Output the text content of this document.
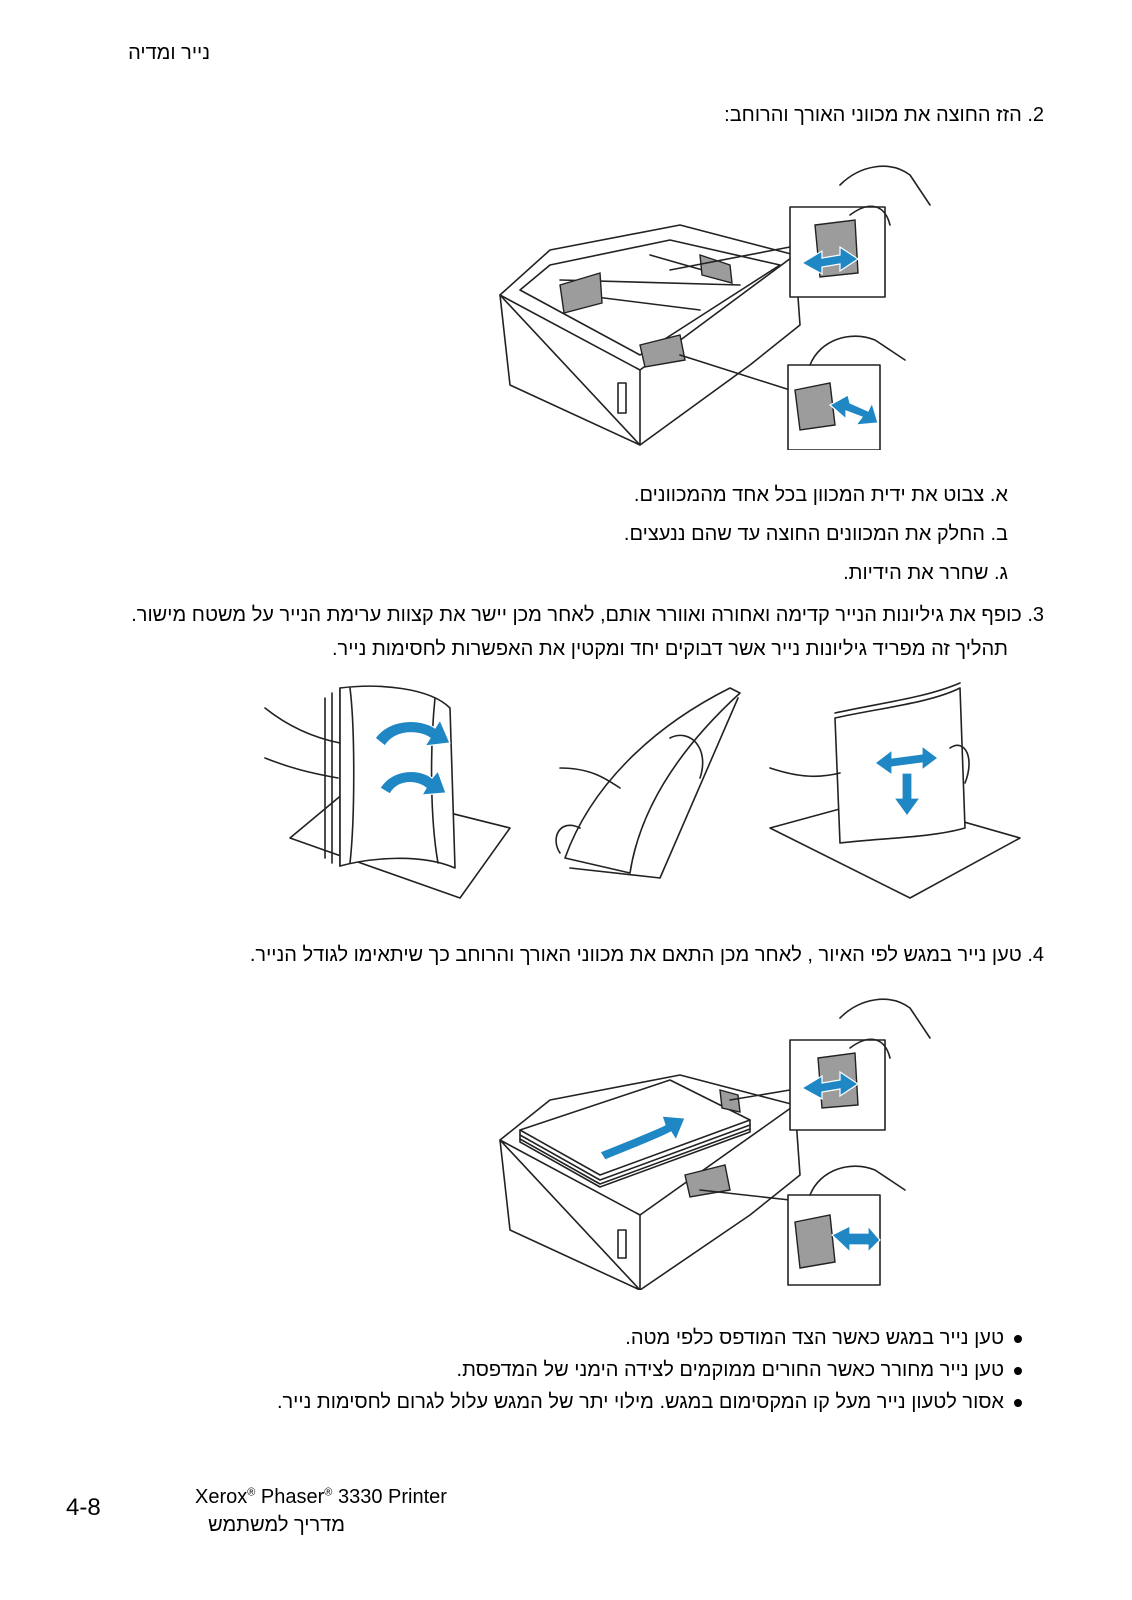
נייר ומדיה
2. הזז החוצה את מכווני האורך והרוחב:
א. צבוט את ידית המכוון בכל אחד מהמכוונים.
ב. החלק את המכוונים החוצה עד שהם ננעצים.
ג. שחרר את הידיות.
3. כופף את גיליונות הנייר קדימה ואחורה ואוורר אותם, לאחר מכן יישר את קצוות ערימת הנייר על משטח מישור.
תהליך זה מפריד גיליונות נייר אשר דבוקים יחד ומקטין את האפשרות לחסימות נייר.
4. טען נייר במגש לפי האיור , לאחר מכן התאם את מכווני האורך והרוחב כך שיתאימו לגודל הנייר.
טען נייר במגש כאשר הצד המודפס כלפי מטה.
טען נייר מחורר כאשר החורים ממוקמים לצידה הימני של המדפסת.
אסור לטעון נייר מעל קו המקסימום במגש. מילוי יתר של המגש עלול לגרום לחסימות נייר.
4-8	Xerox® Phaser® 3330 Printer
מדריך למשתמש
